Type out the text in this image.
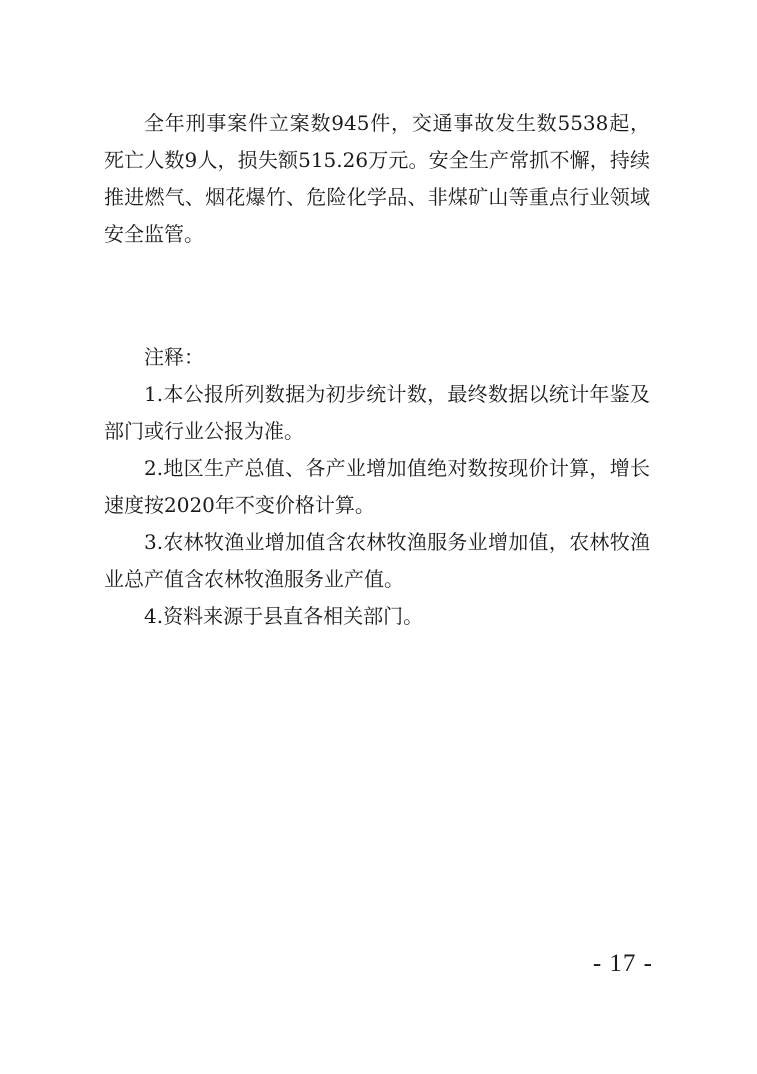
全年刑事案件立案数945件，交通事故发生数5538起，死亡人数9人，损失额515.26万元。安全生产常抓不懈，持续推进燃气、烟花爆竹、危险化学品、非煤矿山等重点行业领域安全监管。

注释：

1.本公报所列数据为初步统计数，最终数据以统计年鉴及部门或行业公报为准。

2.地区生产总值、各产业增加值绝对数按现价计算，增长速度按2020年不变价格计算。

3.农林牧渔业增加值含农林牧渔服务业增加值，农林牧渔业总产值含农林牧渔服务业产值。

4.资料来源于县直各相关部门。

- 17 -
